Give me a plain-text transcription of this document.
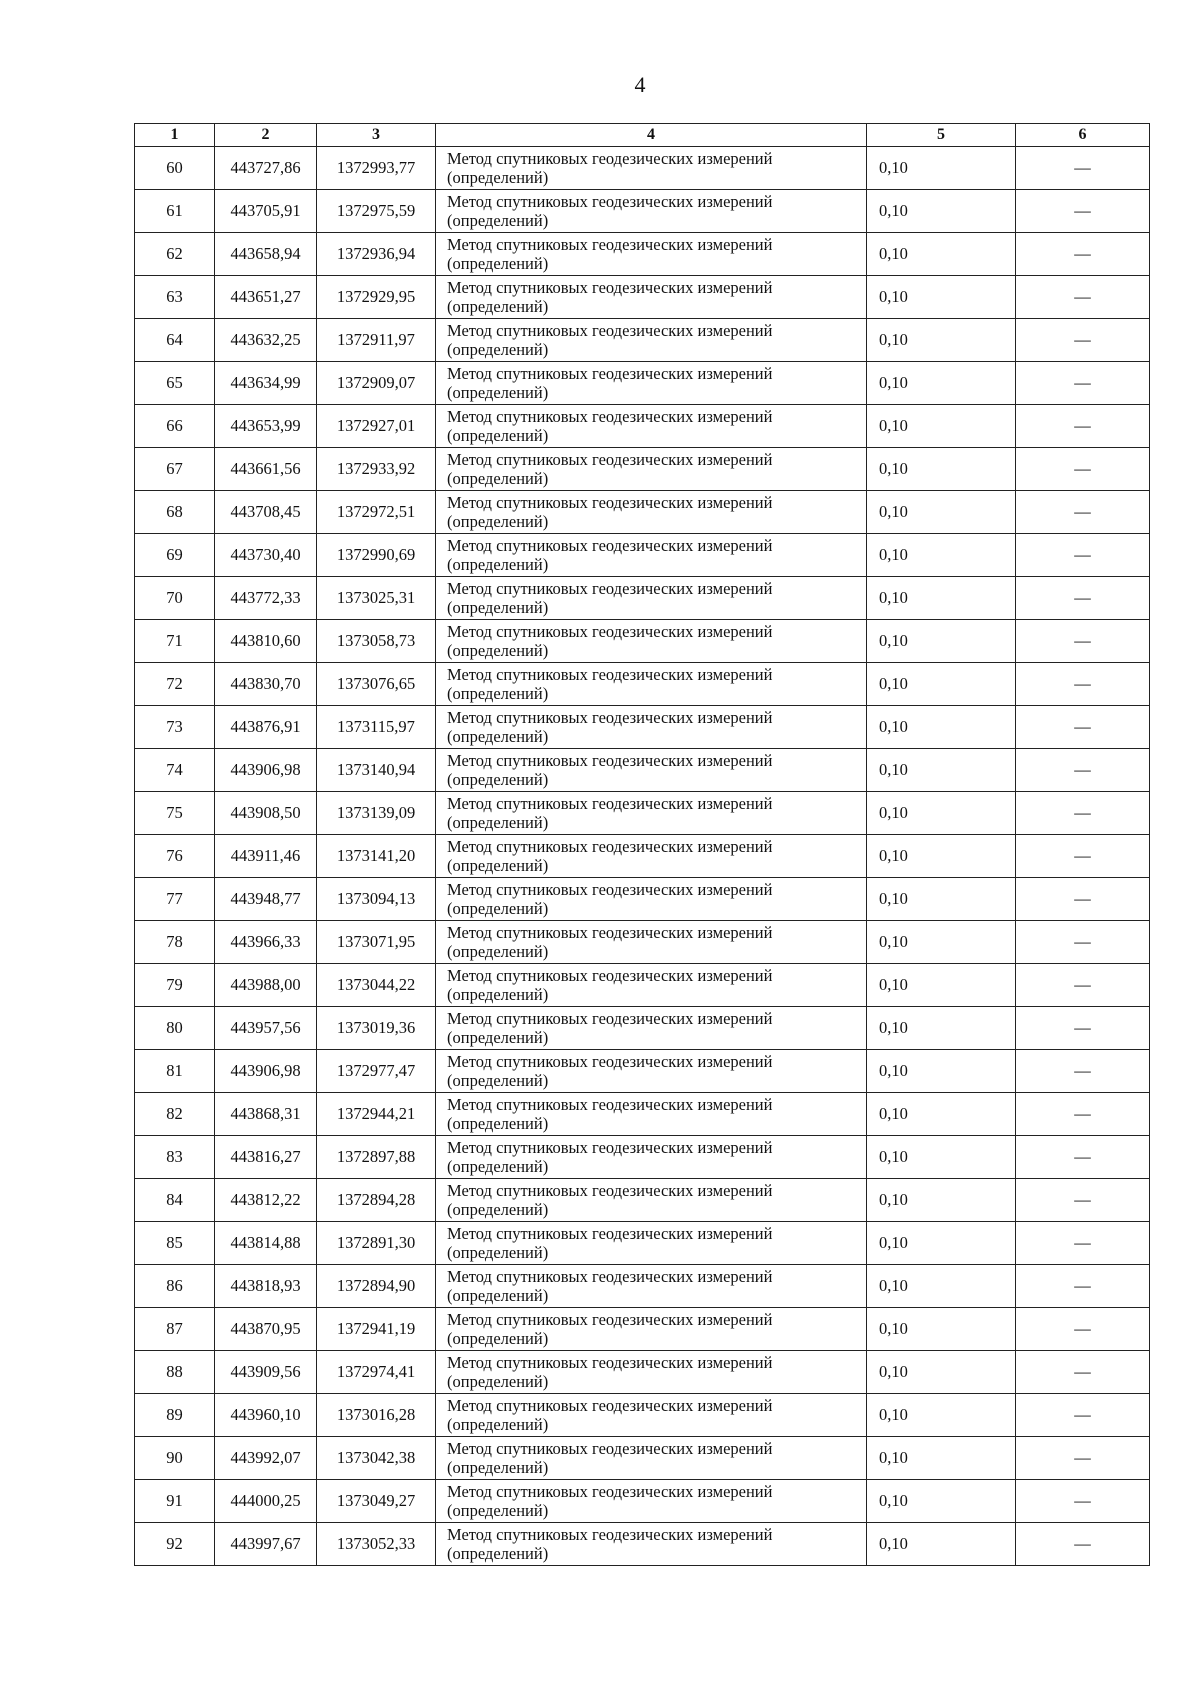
4
1	2	3	4	5	6
60	443727,86	1372993,77	Метод спутниковых геодезических измерений (определений)	0,10	—
61	443705,91	1372975,59	Метод спутниковых геодезических измерений (определений)	0,10	—
62	443658,94	1372936,94	Метод спутниковых геодезических измерений (определений)	0,10	—
63	443651,27	1372929,95	Метод спутниковых геодезических измерений (определений)	0,10	—
64	443632,25	1372911,97	Метод спутниковых геодезических измерений (определений)	0,10	—
65	443634,99	1372909,07	Метод спутниковых геодезических измерений (определений)	0,10	—
66	443653,99	1372927,01	Метод спутниковых геодезических измерений (определений)	0,10	—
67	443661,56	1372933,92	Метод спутниковых геодезических измерений (определений)	0,10	—
68	443708,45	1372972,51	Метод спутниковых геодезических измерений (определений)	0,10	—
69	443730,40	1372990,69	Метод спутниковых геодезических измерений (определений)	0,10	—
70	443772,33	1373025,31	Метод спутниковых геодезических измерений (определений)	0,10	—
71	443810,60	1373058,73	Метод спутниковых геодезических измерений (определений)	0,10	—
72	443830,70	1373076,65	Метод спутниковых геодезических измерений (определений)	0,10	—
73	443876,91	1373115,97	Метод спутниковых геодезических измерений (определений)	0,10	—
74	443906,98	1373140,94	Метод спутниковых геодезических измерений (определений)	0,10	—
75	443908,50	1373139,09	Метод спутниковых геодезических измерений (определений)	0,10	—
76	443911,46	1373141,20	Метод спутниковых геодезических измерений (определений)	0,10	—
77	443948,77	1373094,13	Метод спутниковых геодезических измерений (определений)	0,10	—
78	443966,33	1373071,95	Метод спутниковых геодезических измерений (определений)	0,10	—
79	443988,00	1373044,22	Метод спутниковых геодезических измерений (определений)	0,10	—
80	443957,56	1373019,36	Метод спутниковых геодезических измерений (определений)	0,10	—
81	443906,98	1372977,47	Метод спутниковых геодезических измерений (определений)	0,10	—
82	443868,31	1372944,21	Метод спутниковых геодезических измерений (определений)	0,10	—
83	443816,27	1372897,88	Метод спутниковых геодезических измерений (определений)	0,10	—
84	443812,22	1372894,28	Метод спутниковых геодезических измерений (определений)	0,10	—
85	443814,88	1372891,30	Метод спутниковых геодезических измерений (определений)	0,10	—
86	443818,93	1372894,90	Метод спутниковых геодезических измерений (определений)	0,10	—
87	443870,95	1372941,19	Метод спутниковых геодезических измерений (определений)	0,10	—
88	443909,56	1372974,41	Метод спутниковых геодезических измерений (определений)	0,10	—
89	443960,10	1373016,28	Метод спутниковых геодезических измерений (определений)	0,10	—
90	443992,07	1373042,38	Метод спутниковых геодезических измерений (определений)	0,10	—
91	444000,25	1373049,27	Метод спутниковых геодезических измерений (определений)	0,10	—
92	443997,67	1373052,33	Метод спутниковых геодезических измерений (определений)	0,10	—
